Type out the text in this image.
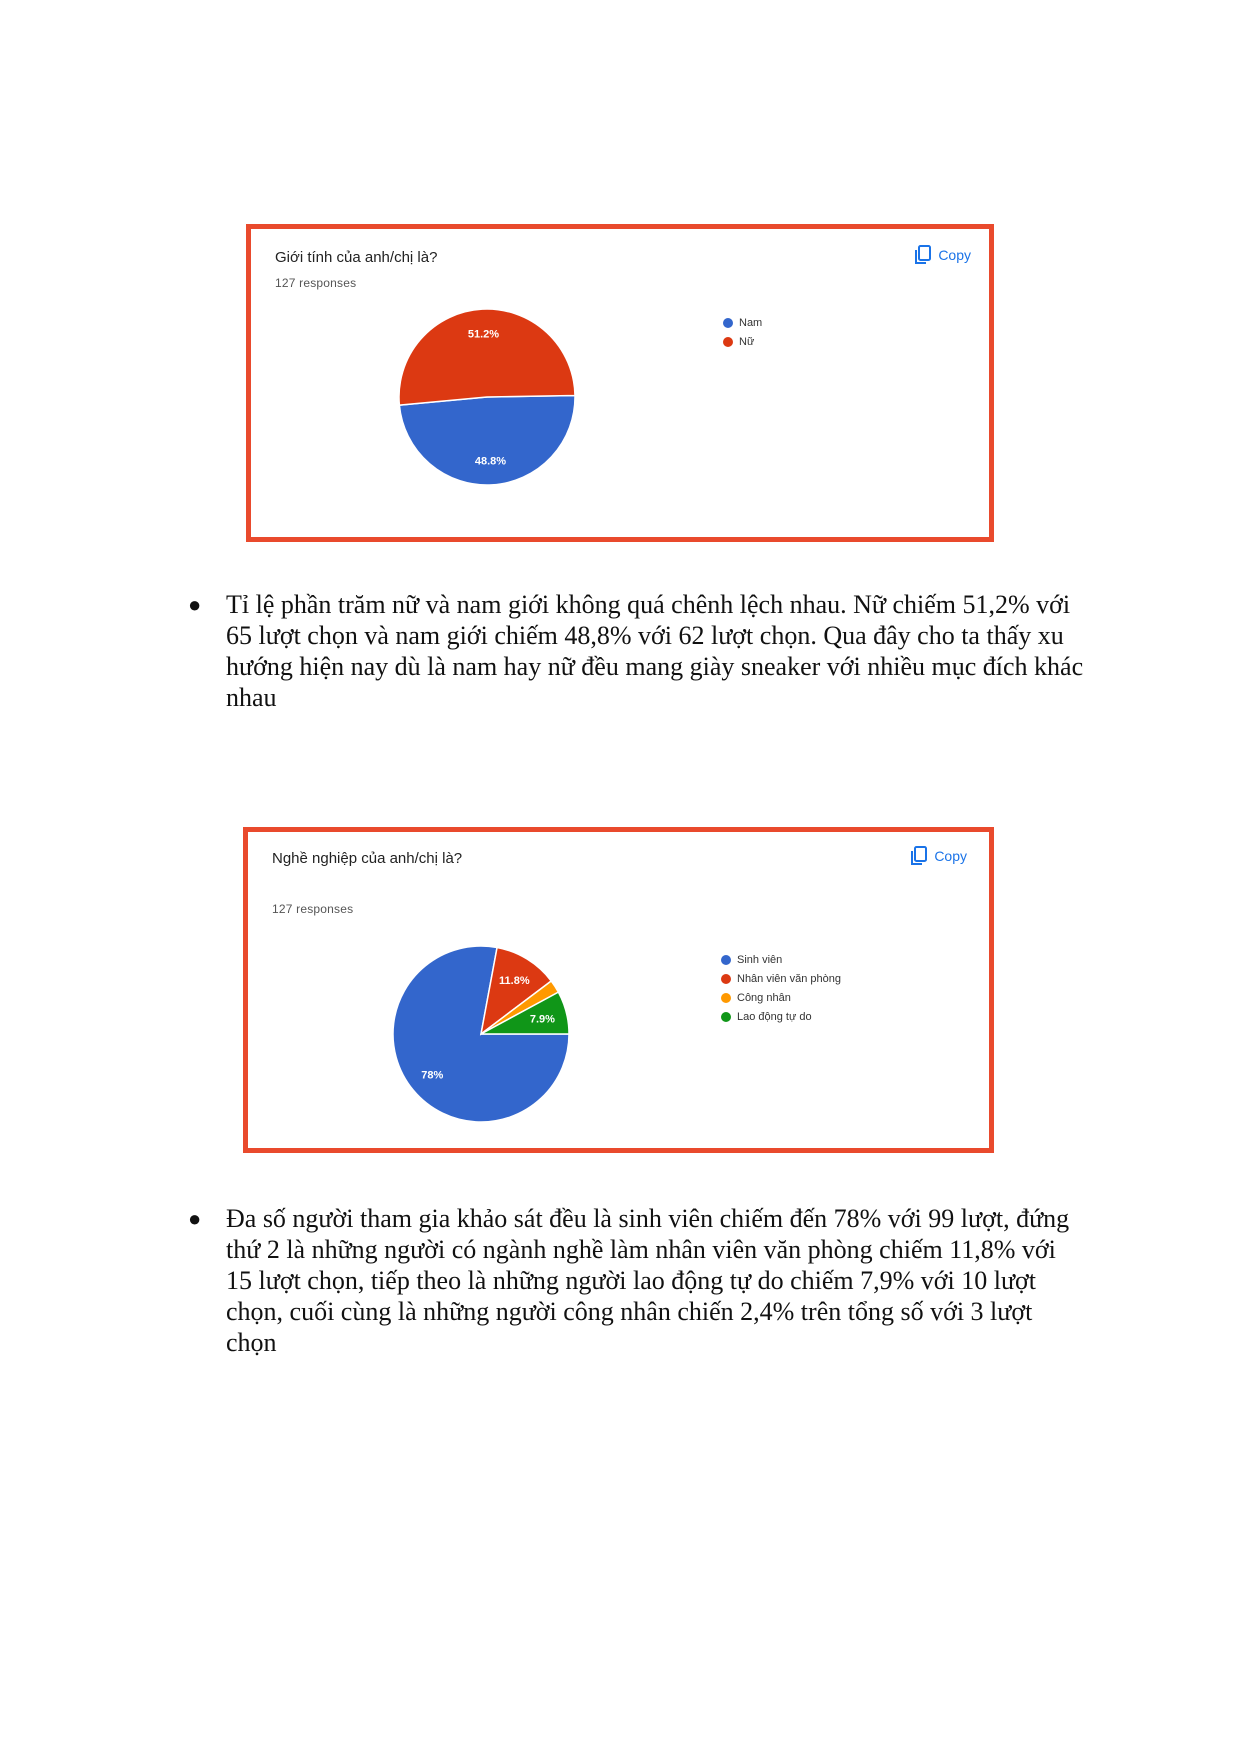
Giới tính của anh/chị là?
127 responses
Copy
48.8%
51.2%
Nam
Nữ
● Tỉ lệ phần trăm nữ và nam giới không quá chênh lệch nhau. Nữ chiếm 51,2% với 65 lượt chọn và nam giới chiếm 48,8% với 62 lượt chọn. Qua đây cho ta thấy xu hướng hiện nay dù là nam hay nữ đều mang giày sneaker với nhiều mục đích khác nhau

Nghề nghiệp của anh/chị là?
127 responses
Copy
78%
11.8%
7.9%
Sinh viên
Nhân viên văn phòng
Công nhân
Lao động tự do
● Đa số người tham gia khảo sát đều là sinh viên chiếm đến 78% với 99 lượt, đứng thứ 2 là những người có ngành nghề làm nhân viên văn phòng chiếm 11,8% với 15 lượt chọn, tiếp theo là những người lao động tự do chiếm 7,9% với 10 lượt chọn, cuối cùng là những người công nhân chiến 2,4% trên tổng số với 3 lượt chọn
